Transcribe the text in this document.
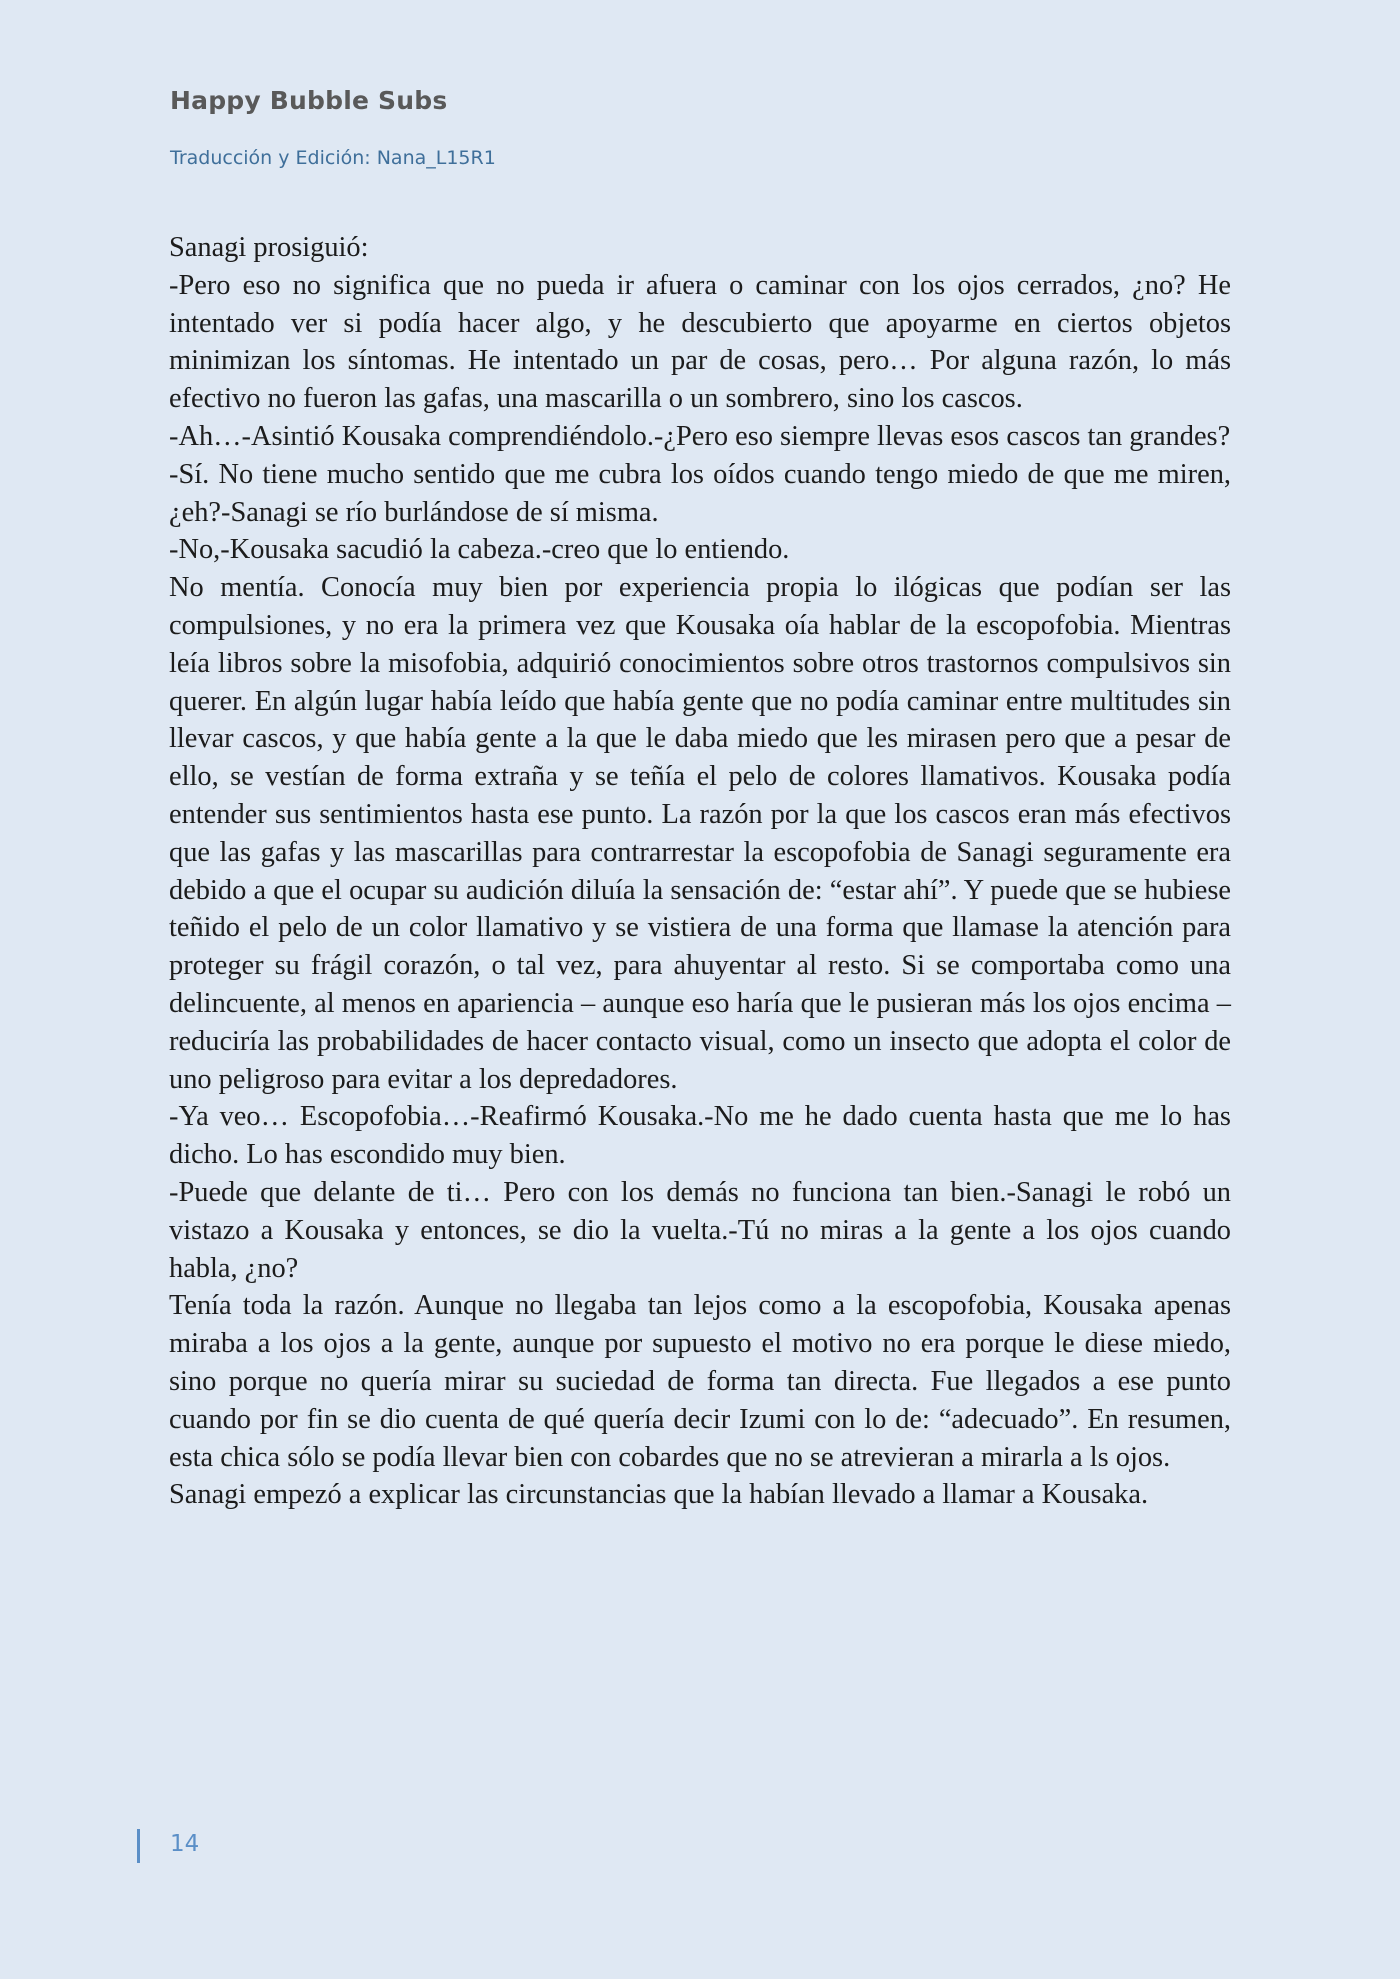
Happy Bubble Subs
Traducción y Edición: Nana_L15R1

Sanagi prosiguió:

-Pero eso no significa que no pueda ir afuera o caminar con los ojos cerrados, ¿no? He intentado ver si podía hacer algo, y he descubierto que apoyarme en ciertos objetos minimizan los síntomas. He intentado un par de cosas, pero… Por alguna razón, lo más efectivo no fueron las gafas, una mascarilla o un sombrero, sino los cascos.

-Ah…-Asintió Kousaka comprendiéndolo.-¿Pero eso siempre llevas esos cascos tan grandes?

-Sí. No tiene mucho sentido que me cubra los oídos cuando tengo miedo de que me miren, ¿eh?-Sanagi se río burlándose de sí misma.

-No,-Kousaka sacudió la cabeza.-creo que lo entiendo.

No mentía. Conocía muy bien por experiencia propia lo ilógicas que podían ser las compulsiones, y no era la primera vez que Kousaka oía hablar de la escopofobia. Mientras leía libros sobre la misofobia, adquirió conocimientos sobre otros trastornos compulsivos sin querer. En algún lugar había leído que había gente que no podía caminar entre multitudes sin llevar cascos, y que había gente a la que le daba miedo que les mirasen pero que a pesar de ello, se vestían de forma extraña y se teñía el pelo de colores llamativos. Kousaka podía entender sus sentimientos hasta ese punto. La razón por la que los cascos eran más efectivos que las gafas y las mascarillas para contrarrestar la escopofobia de Sanagi seguramente era debido a que el ocupar su audición diluía la sensación de: “estar ahí”. Y puede que se hubiese teñido el pelo de un color llamativo y se vistiera de una forma que llamase la atención para proteger su frágil corazón, o tal vez, para ahuyentar al resto. Si se comportaba como una delincuente, al menos en apariencia – aunque eso haría que le pusieran más los ojos encima – reduciría las probabilidades de hacer contacto visual, como un insecto que adopta el color de uno peligroso para evitar a los depredadores.

-Ya veo… Escopofobia…-Reafirmó Kousaka.-No me he dado cuenta hasta que me lo has dicho. Lo has escondido muy bien.

-Puede que delante de ti… Pero con los demás no funciona tan bien.-Sanagi le robó un vistazo a Kousaka y entonces, se dio la vuelta.-Tú no miras a la gente a los ojos cuando habla, ¿no?

Tenía toda la razón. Aunque no llegaba tan lejos como a la escopofobia, Kousaka apenas miraba a los ojos a la gente, aunque por supuesto el motivo no era porque le diese miedo, sino porque no quería mirar su suciedad de forma tan directa. Fue llegados a ese punto cuando por fin se dio cuenta de qué quería decir Izumi con lo de: “adecuado”. En resumen, esta chica sólo se podía llevar bien con cobardes que no se atrevieran a mirarla a ls ojos.

Sanagi empezó a explicar las circunstancias que la habían llevado a llamar a Kousaka.

14
